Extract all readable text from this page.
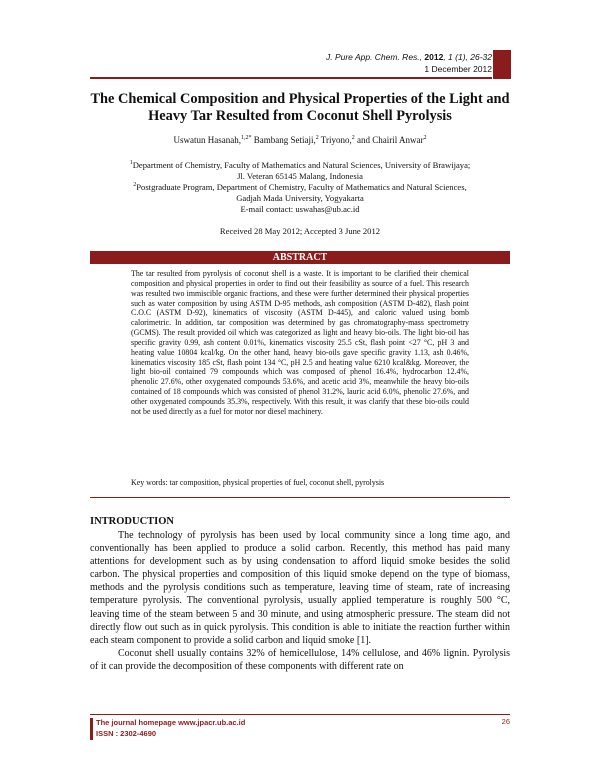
J. Pure App. Chem. Res., 2012, 1 (1), 26-32
1 December 2012
The Chemical Composition and Physical Properties of the Light and Heavy Tar Resulted from Coconut Shell Pyrolysis
Uswatun Hasanah,$^{1,2*}$ Bambang Setiaji,$^2$ Triyono,$^2$ and Chairil Anwar$^2$
$^1$Department of Chemistry, Faculty of Mathematics and Natural Sciences, University of Brawijaya;
Jl. Veteran 65145 Malang, Indonesia
$^2$Postgraduate Program, Department of Chemistry, Faculty of Mathematics and Natural Sciences,
Gadjah Mada University, Yogyakarta
E-mail contact: uswahas@ub.ac.id
Received 28 May 2012; Accepted 3 June 2012
ABSTRACT
The tar resulted from pyrolysis of coconut shell is a waste. It is important to be clarified their chemical composition and physical properties in order to find out their feasibility as source of a fuel. This research was resulted two immiscible organic fractions, and these were further determined their physical properties such as water composition by using ASTM D-95 methods, ash composition (ASTM D-482), flash point C.O.C (ASTM D-92), kinematics of viscosity (ASTM D-445), and caloric valued using bomb calorimetric. In addition, tar composition was determined by gas chromatography-mass spectrometry (GCMS). The result provided oil which was categorized as light and heavy bio-oils. The light bio-oil has specific gravity 0.99, ash content 0.01%, kinematics viscosity 25.5 cSt, flash point <27 °C, pH 3 and heating value 10804 kcal/kg. On the other hand, heavy bio-oils gave specific gravity 1.13, ash 0.46%, kinematics viscosity 185 cSt, flash point 134 °C, pH 2.5 and heating value 6210 kcal&kg. Moreover, the light bio-oil contained 79 compounds which was composed of phenol 16.4%, hydrocarbon 12.4%, phenolic 27.6%, other oxygenated compounds 53.6%, and acetic acid 3%, meanwhile the heavy bio-oils contained of 18 compounds which was consisted of phenol 31.2%, lauric acid 6.0%, phenolic 27.6%, and other oxygenated compounds 35.3%, respectively. With this result, it was clarify that these bio-oils could not be used directly as a fuel for motor nor diesel machinery.
Key words: tar composition, physical properties of fuel, coconut shell, pyrolysis
INTRODUCTION

The technology of pyrolysis has been used by local community since a long time ago, and conventionally has been applied to produce a solid carbon. Recently, this method has paid many attentions for development such as by using condensation to afford liquid smoke besides the solid carbon. The physical properties and composition of this liquid smoke depend on the type of biomass, methods and the pyrolysis conditions such as temperature, leaving time of steam, rate of increasing temperature pyrolysis. The conventional pyrolysis, usually applied temperature is roughly 500 °C, leaving time of the steam between 5 and 30 minute, and using atmospheric pressure. The steam did not directly flow out such as in quick pyrolysis. This condition is able to initiate the reaction further within each steam component to provide a solid carbon and liquid smoke [1].

Coconut shell usually contains 32% of hemicellulose, 14% cellulose, and 46% lignin. Pyrolysis of it can provide the decomposition of these components with different rate on

The journal homepage www.jpacr.ub.ac.id
ISSN : 2302-4690
26
